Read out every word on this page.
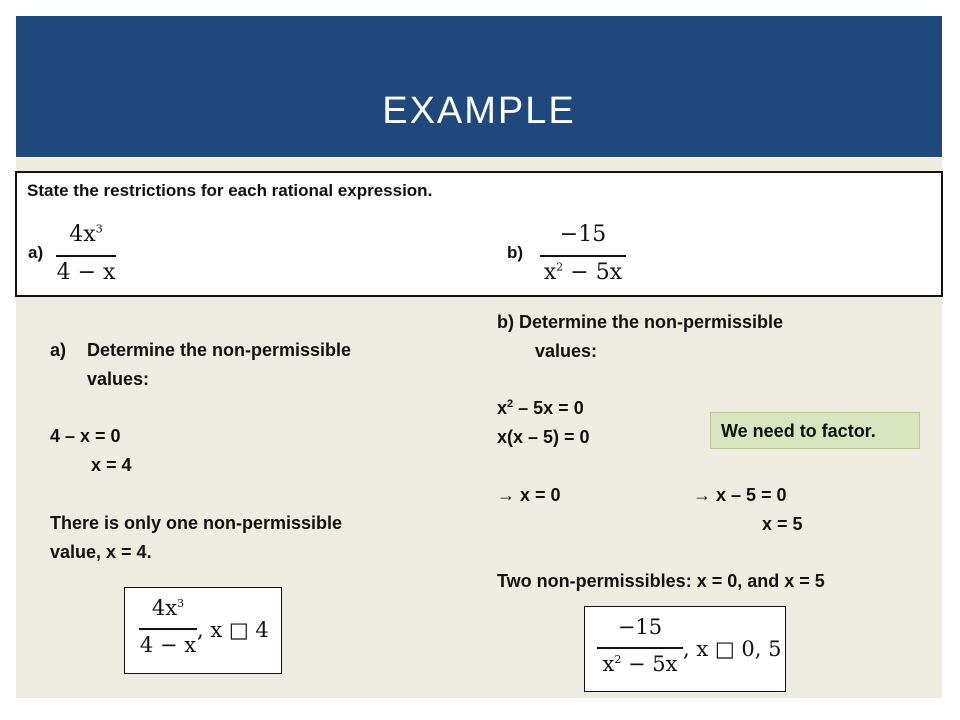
EXAMPLE
State the restrictions for each rational expression.
a)
$4x^3$
4 − x
b)
−15
$x^2 - 5x$
a) Determine the non-permissible
values:
4 – x = 0
x = 4
There is only one non-permissible
value, x = 4.
$4x^3$
4 − x
, x □ 4
b) Determine the non-permissible
values:
$x^2 - 5x = 0$
x(x – 5) = 0
→ x = 0	→ x – 5 = 0
x = 5
Two non-permissibles: x = 0, and x = 5
We need to factor.
−15
$x^2 - 5x$
, x □ 0, 5
